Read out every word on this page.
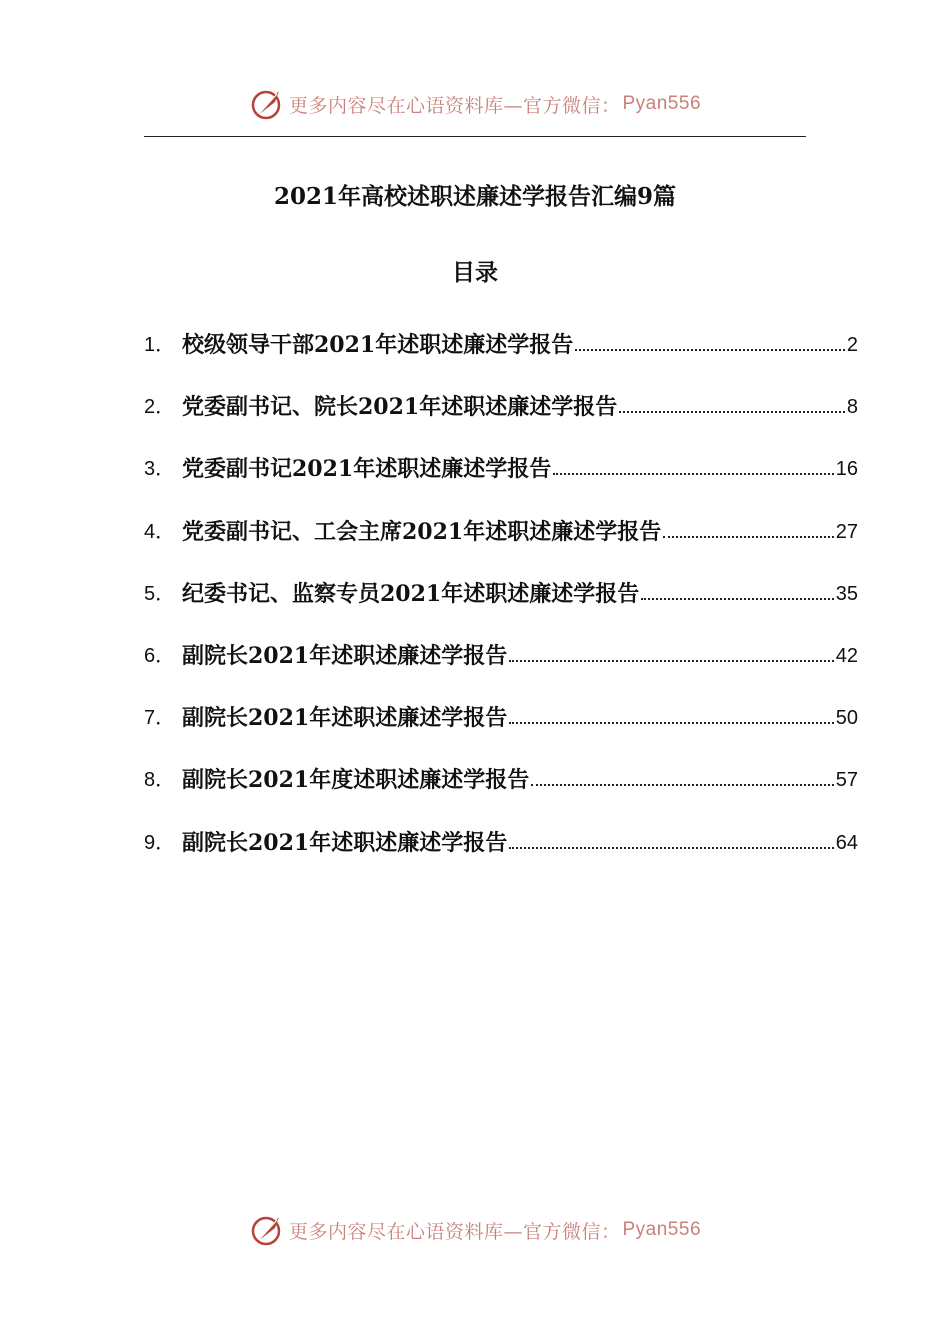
更多内容尽在心语资料库—官方微信： Pyan556
2021年高校述职述廉述学报告汇编9篇
目录
1． 校级领导干部2021年述职述廉述学报告	2
2． 党委副书记、院长2021年述职述廉述学报告	8
3． 党委副书记2021年述职述廉述学报告	16
4． 党委副书记、工会主席2021年述职述廉述学报告	27
5． 纪委书记、监察专员2021年述职述廉述学报告	35
6． 副院长2021年述职述廉述学报告	42
7． 副院长2021年述职述廉述学报告	50
8． 副院长2021年度述职述廉述学报告	57
9． 副院长2021年述职述廉述学报告	64
更多内容尽在心语资料库—官方微信： Pyan556
